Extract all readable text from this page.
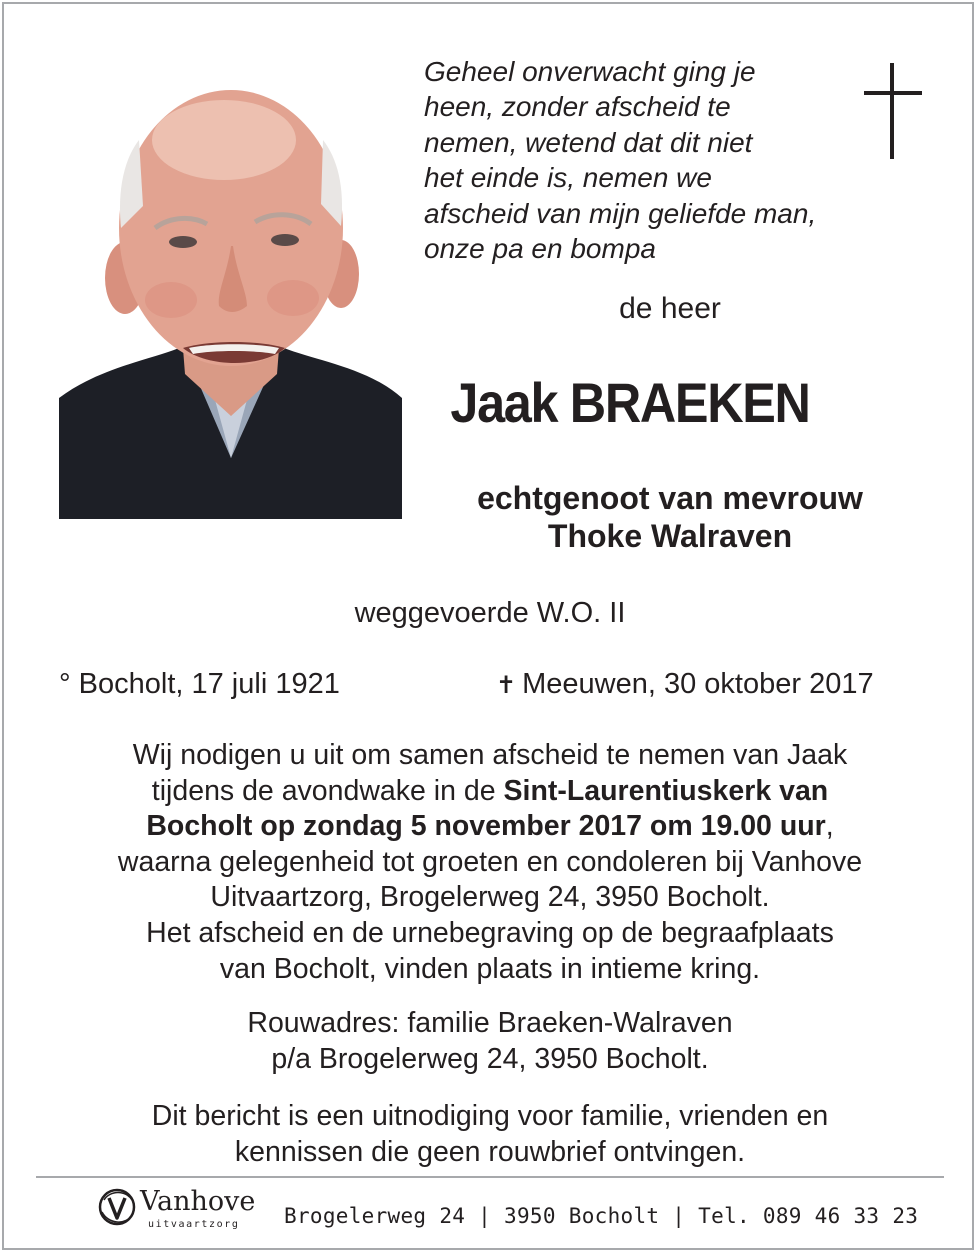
Geheel onverwacht ging je
heen, zonder afscheid te
nemen, wetend dat dit niet
het einde is, nemen we
afscheid van mijn geliefde man,
onze pa en bompa
de heer
Jaak BRAEKEN
echtgenoot van mevrouw
Thoke Walraven
weggevoerde W.O. II
° Bocholt, 17 juli 1921	✝ Meeuwen, 30 oktober 2017
Wij nodigen u uit om samen afscheid te nemen van Jaak
tijdens de avondwake in de Sint-Laurentiuskerk van
Bocholt op zondag 5 november 2017 om 19.00 uur,
waarna gelegenheid tot groeten en condoleren bij Vanhove
Uitvaartzorg, Brogelerweg 24, 3950 Bocholt.
Het afscheid en de urnebegraving op de begraafplaats
van Bocholt, vinden plaats in intieme kring.
Rouwadres: familie Braeken-Walraven
p/a Brogelerweg 24, 3950 Bocholt.
Dit bericht is een uitnodiging voor familie, vrienden en
kennissen die geen rouwbrief ontvingen.
Vanhove
uitvaartzorg Brogelerweg 24 | 3950 Bocholt | Tel. 089 46 33 23
